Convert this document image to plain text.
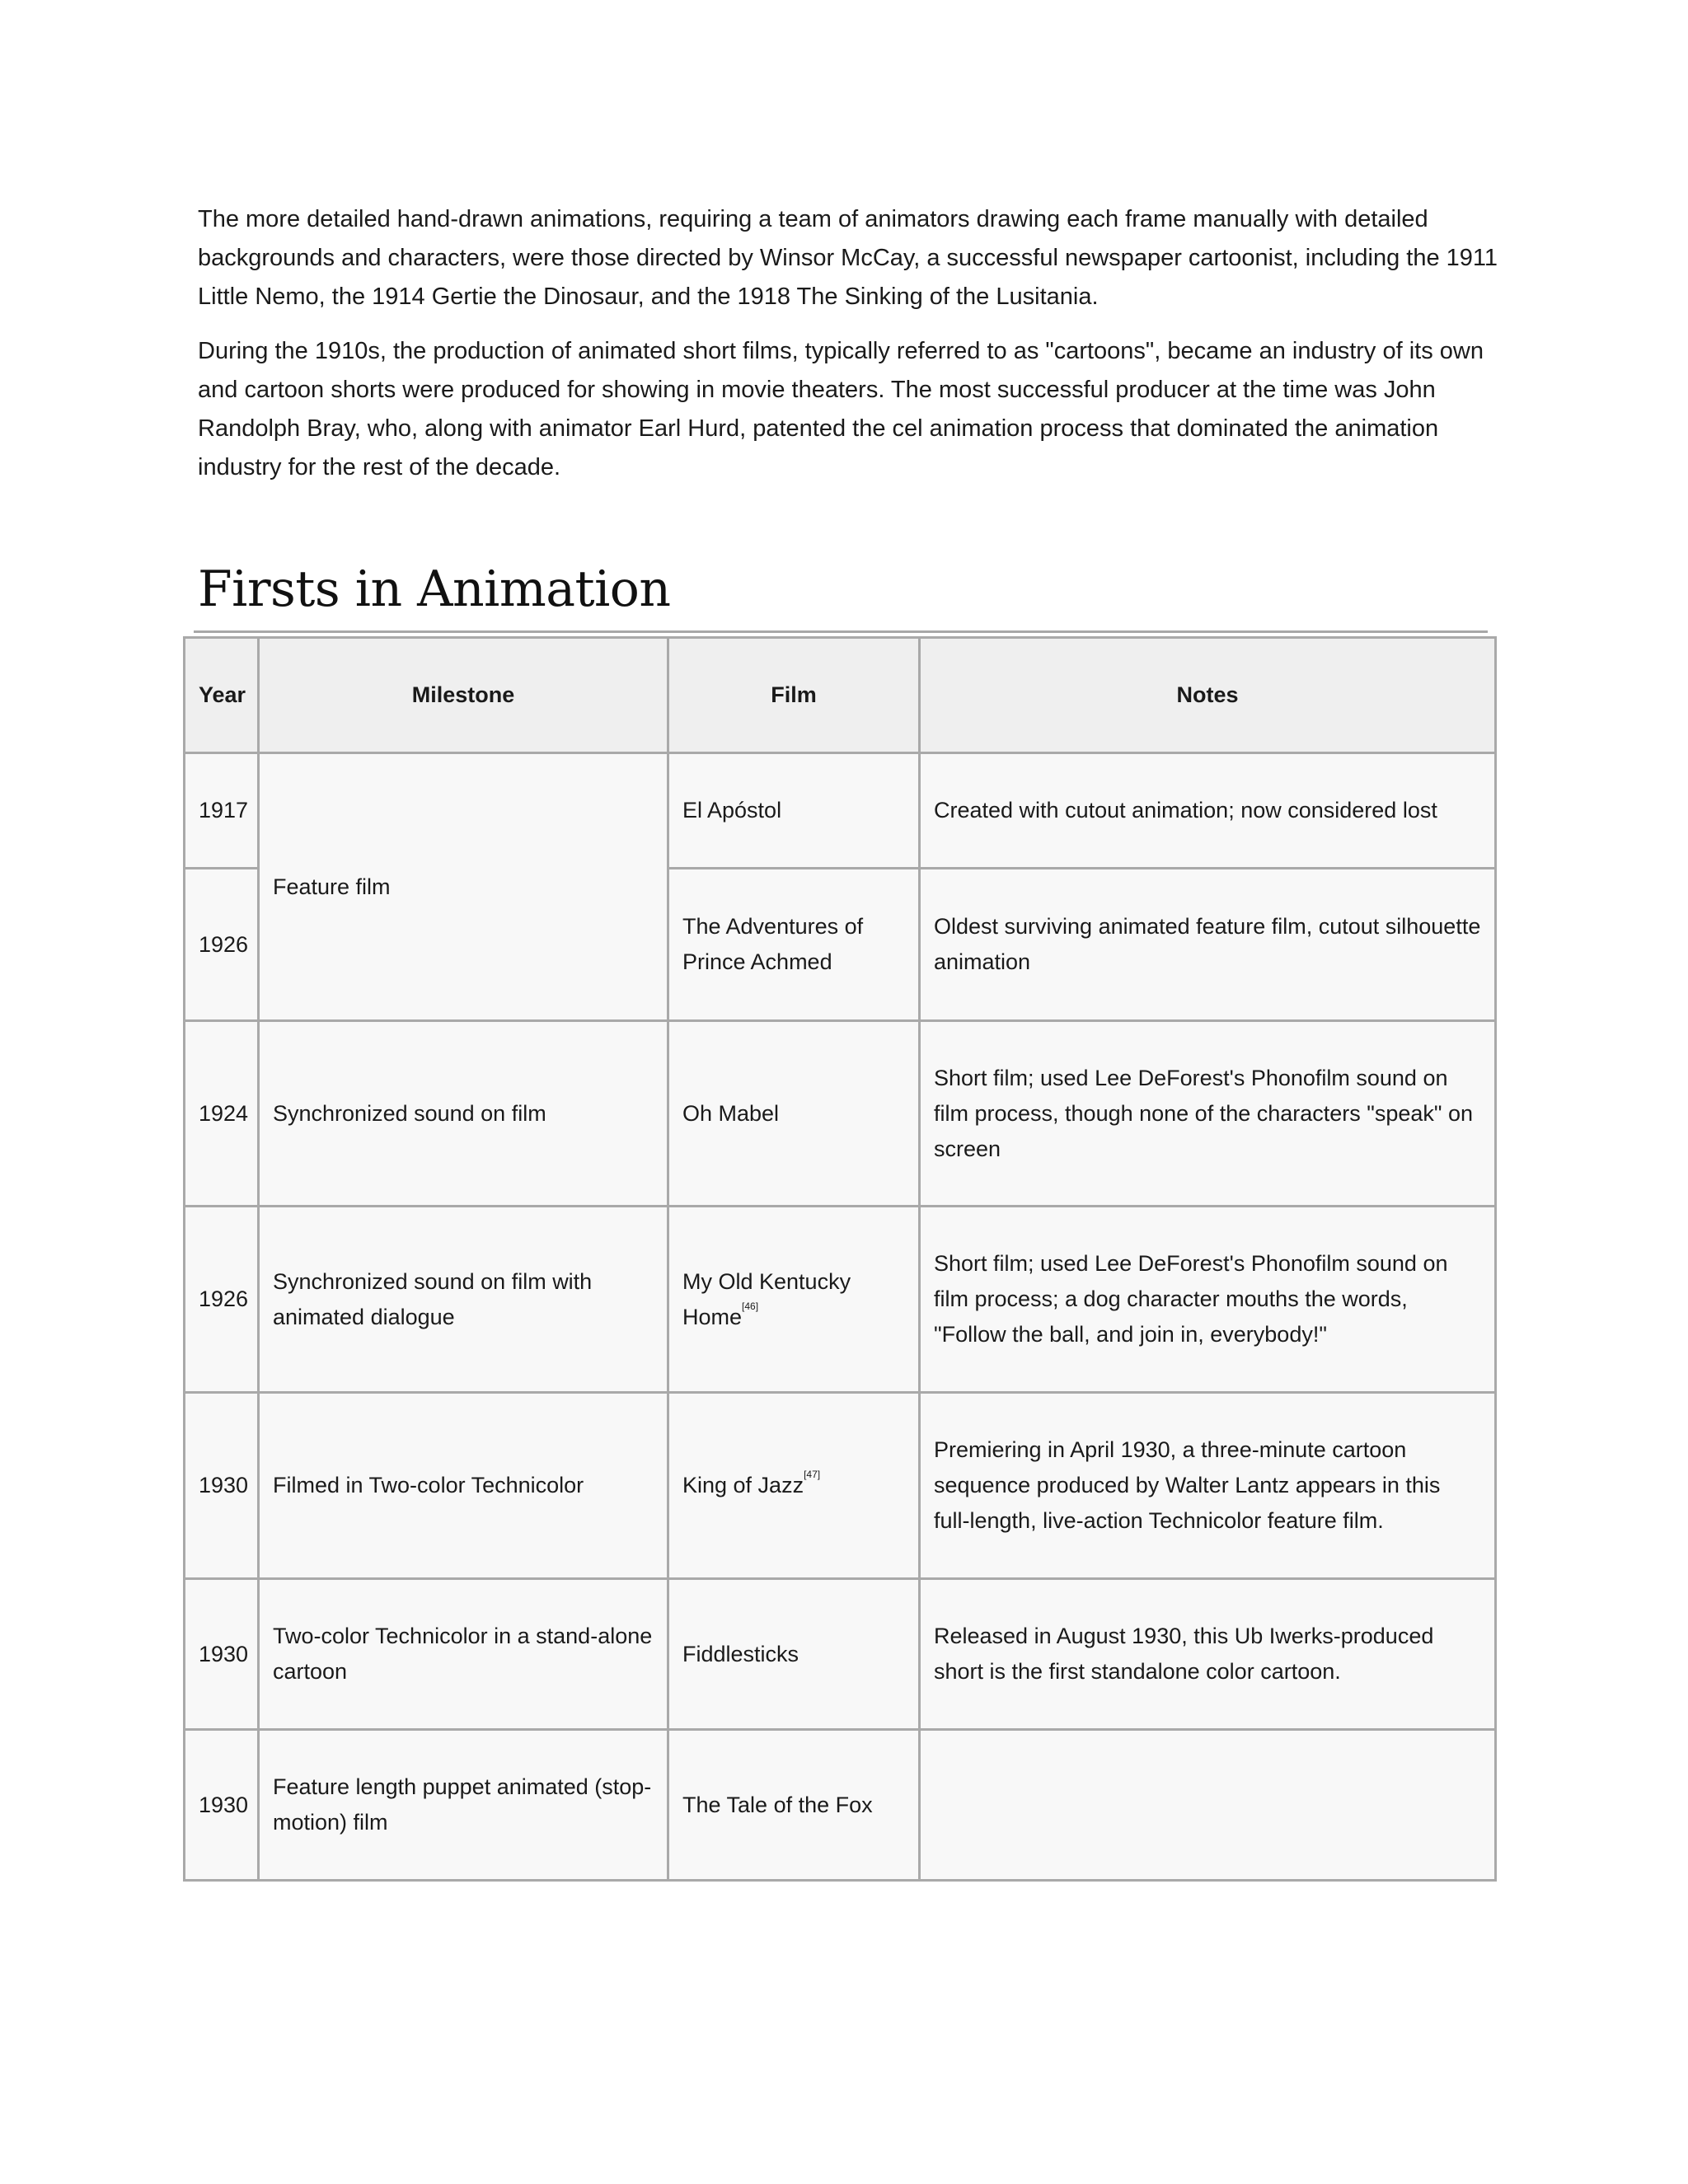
The more detailed hand-drawn animations, requiring a team of animators drawing each frame manually with detailed backgrounds and characters, were those directed by Winsor McCay, a successful newspaper cartoonist, including the 1911 Little Nemo, the 1914 Gertie the Dinosaur, and the 1918 The Sinking of the Lusitania.

During the 1910s, the production of animated short films, typically referred to as "cartoons", became an industry of its own and cartoon shorts were produced for showing in movie theaters. The most successful producer at the time was John Randolph Bray, who, along with animator Earl Hurd, patented the cel animation process that dominated the animation industry for the rest of the decade.

Firsts in Animation
Year	Milestone	Film	Notes
1917	Feature film	El Apóstol	Created with cutout animation; now considered lost
1926		The Adventures of Prince Achmed	Oldest surviving animated feature film, cutout silhouette animation
1924	Synchronized sound on film	Oh Mabel	Short film; used Lee DeForest's Phonofilm sound on film process, though none of the characters "speak" on screen
1926	Synchronized sound on film with animated dialogue	My Old Kentucky Home[46]	Short film; used Lee DeForest's Phonofilm sound on film process; a dog character mouths the words, "Follow the ball, and join in, everybody!"
1930	Filmed in Two-color Technicolor	King of Jazz[47]	Premiering in April 1930, a three-minute cartoon sequence produced by Walter Lantz appears in this full-length, live-action Technicolor feature film.
1930	Two-color Technicolor in a stand-alone cartoon	Fiddlesticks	Released in August 1930, this Ub Iwerks-produced short is the first standalone color cartoon.
1930	Feature length puppet animated (stop-motion) film	The Tale of the Fox	
